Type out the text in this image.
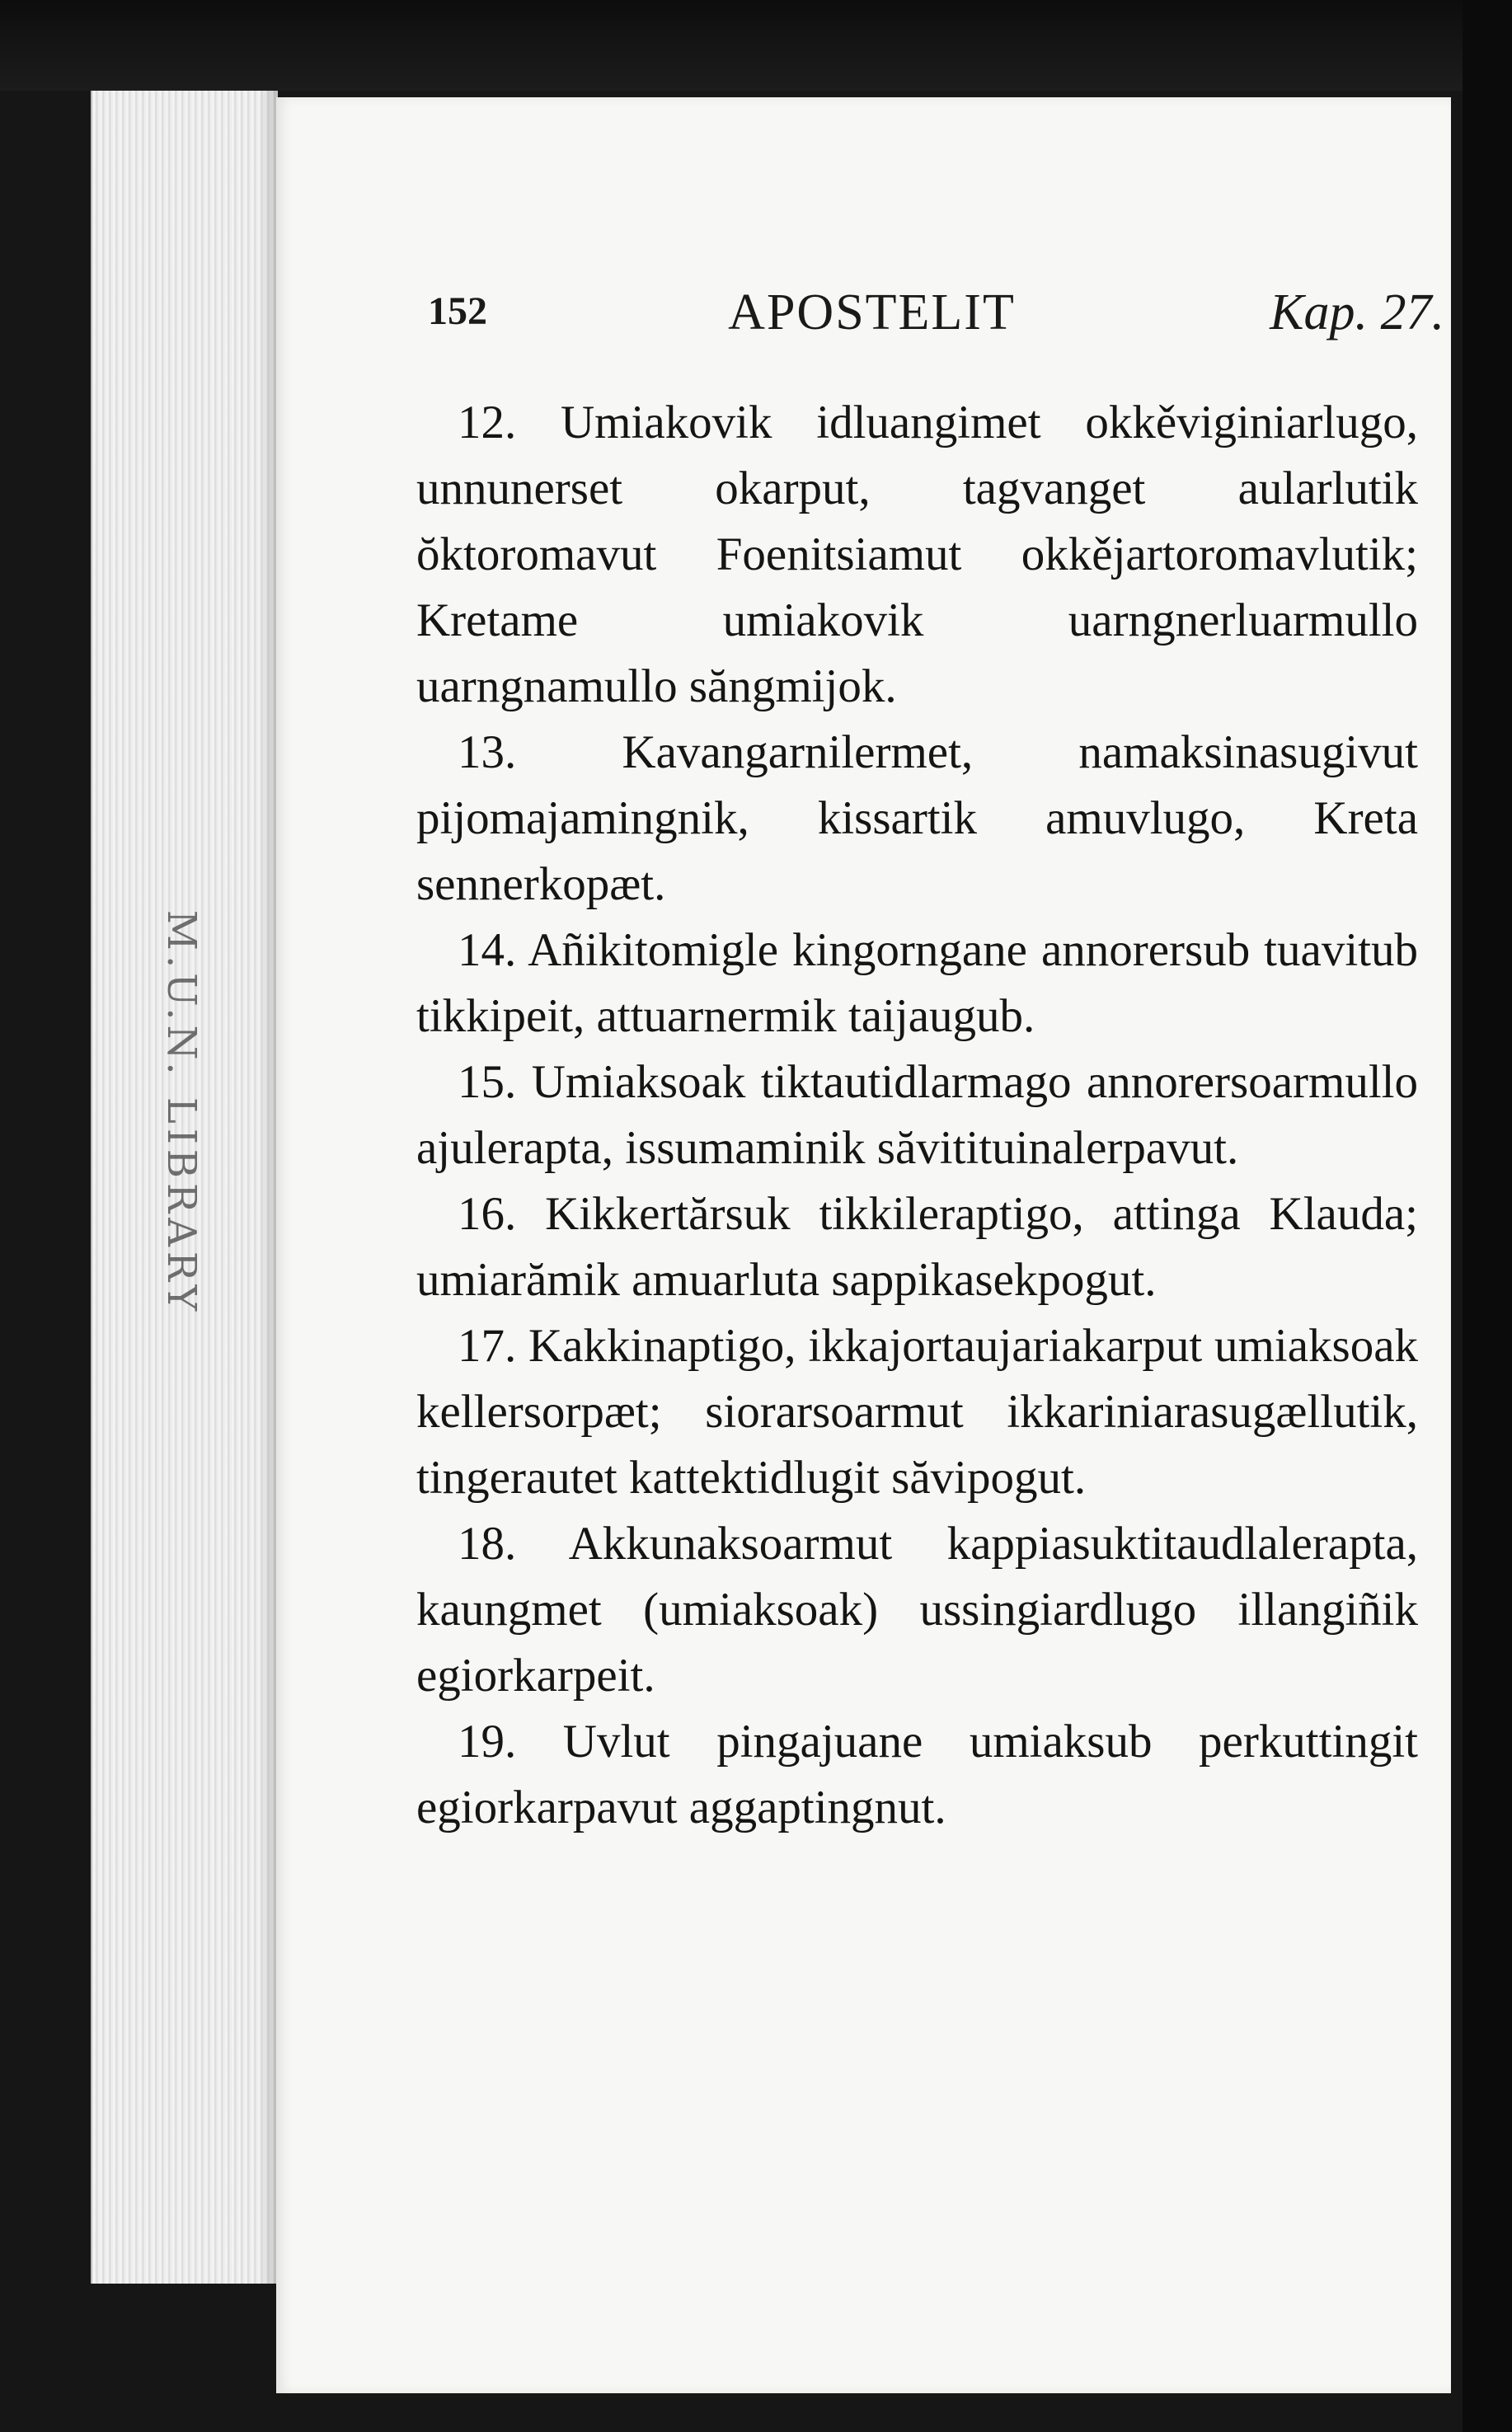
M.U.N. LIBRARY
152	APOSTELIT	Kap. 27.

12. Umiakovik idluangimet okkěviginiarlugo, unnunerset okarput, tagvanget aularlutik ŏktoromavut Foenitsiamut okkějartoromavlutik; Kretame umiakovik uarngnerluarmullo uarngnamullo săngmijok.

13. Kavangarnilermet, namaksinasugivut pijomajamingnik, kissartik amuvlugo, Kreta sennerkopæt.

14. Añikitomigle kingorngane annorersub tuavitub tikkipeit, attuarnermik taijaugub.

15. Umiaksoak tiktautidlarmago annorersoarmullo ajulerapta, issumaminik săvitituinalerpavut.

16. Kikkertărsuk tikkileraptigo, attinga Klauda; umiarămik amuarluta sappikasekpogut.

17. Kakkinaptigo, ikkajortaujariakarput umiaksoak kellersorpæt; siorarsoarmut ikkariniarasugællutik, tingerautet kattektidlugit săvipogut.

18. Akkunaksoarmut kappiasuktitaudlalerapta, kaungmet (umiaksoak) ussingiardlugo illangiñik egiorkarpeit.

19. Uvlut pingajuane umiaksub perkuttingit egiorkarpavut aggaptingnut.
